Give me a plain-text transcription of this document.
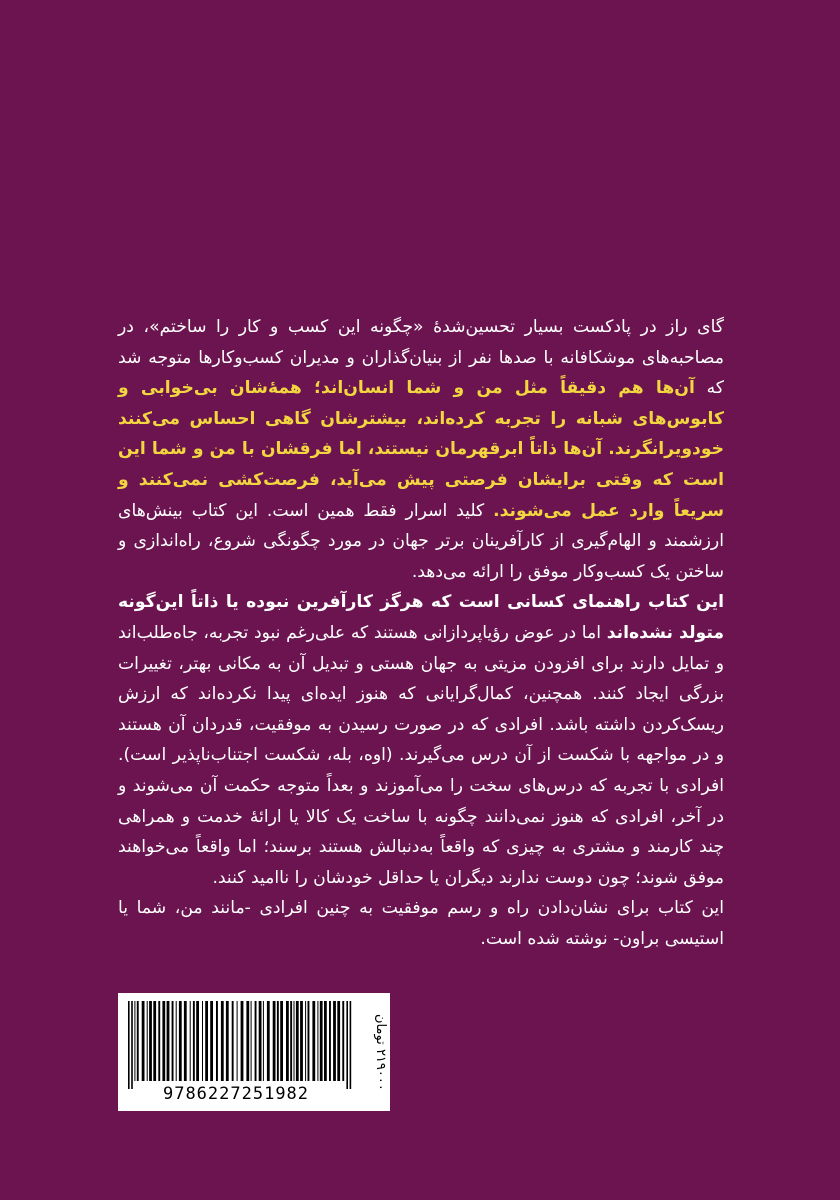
گای راز در پادکست بسیار تحسین‌شدهٔ «چگونه این کسب و کار را ساختم»، در مصاحبه‌های موشکافانه با صدها نفر از بنیان‌گذاران و مدیران کسب‌وکارها متوجه شد که آن‌ها هم دقیقاً مثل من و شما انسان‌اند؛ همهٔ‌شان بی‌خوابی و کابوس‌های شبانه را تجربه کرده‌اند، بیشترشان گاهی احساس می‌کنند خودویرانگرند. آن‌ها ذاتاً ابرقهرمان نیستند، اما فرقشان با من و شما این است که وقتی برایشان فرصتی پیش می‌آید، فرصت‌کشی نمی‌کنند و سریعاً وارد عمل می‌شوند. کلید اسرار فقط همین است. این کتاب بینش‌های ارزشمند و الهام‌گیری از کارآفرینان برتر جهان در مورد چگونگی شروع، راه‌اندازی و ساختن یک کسب‌وکار موفق را ارائه می‌دهد.

این کتاب راهنمای کسانی است که هرگز کارآفرین نبوده یا ذاتاً این‌گونه متولد نشده‌اند اما در عوض رؤیاپردازانی هستند که علی‌رغم نبود تجربه، جاه‌طلب‌اند و تمایل دارند برای افزودن مزیتی به جهان هستی و تبدیل آن به مکانی بهتر، تغییرات بزرگی ایجاد کنند. همچنین، کمال‌گرایانی که هنوز ایده‌ای پیدا نکرده‌اند که ارزش ریسک‌کردن داشته باشد. افرادی که در صورت رسیدن به موفقیت، قدردان آن هستند و در مواجهه با شکست از آن درس می‌گیرند. (اوه، بله، شکست اجتناب‌ناپذیر است). افرادی با تجربه که درس‌های سخت را می‌آموزند و بعداً متوجه حکمت آن می‌شوند و در آخر، افرادی که هنوز نمی‌دانند چگونه با ساخت یک کالا یا ارائهٔ خدمت و همراهی چند کارمند و مشتری به چیزی که واقعاً به‌دنبالش هستند برسند؛ اما واقعاً می‌خواهند موفق شوند؛ چون دوست ندارند دیگران یا حداقل خودشان را ناامید کنند.

این کتاب برای نشان‌دادن راه و رسم موفقیت به چنین افرادی -مانند من، شما یا استیسی براون- نوشته شده است.

9786227251982
۲۱۹۰۰۰ تومان
